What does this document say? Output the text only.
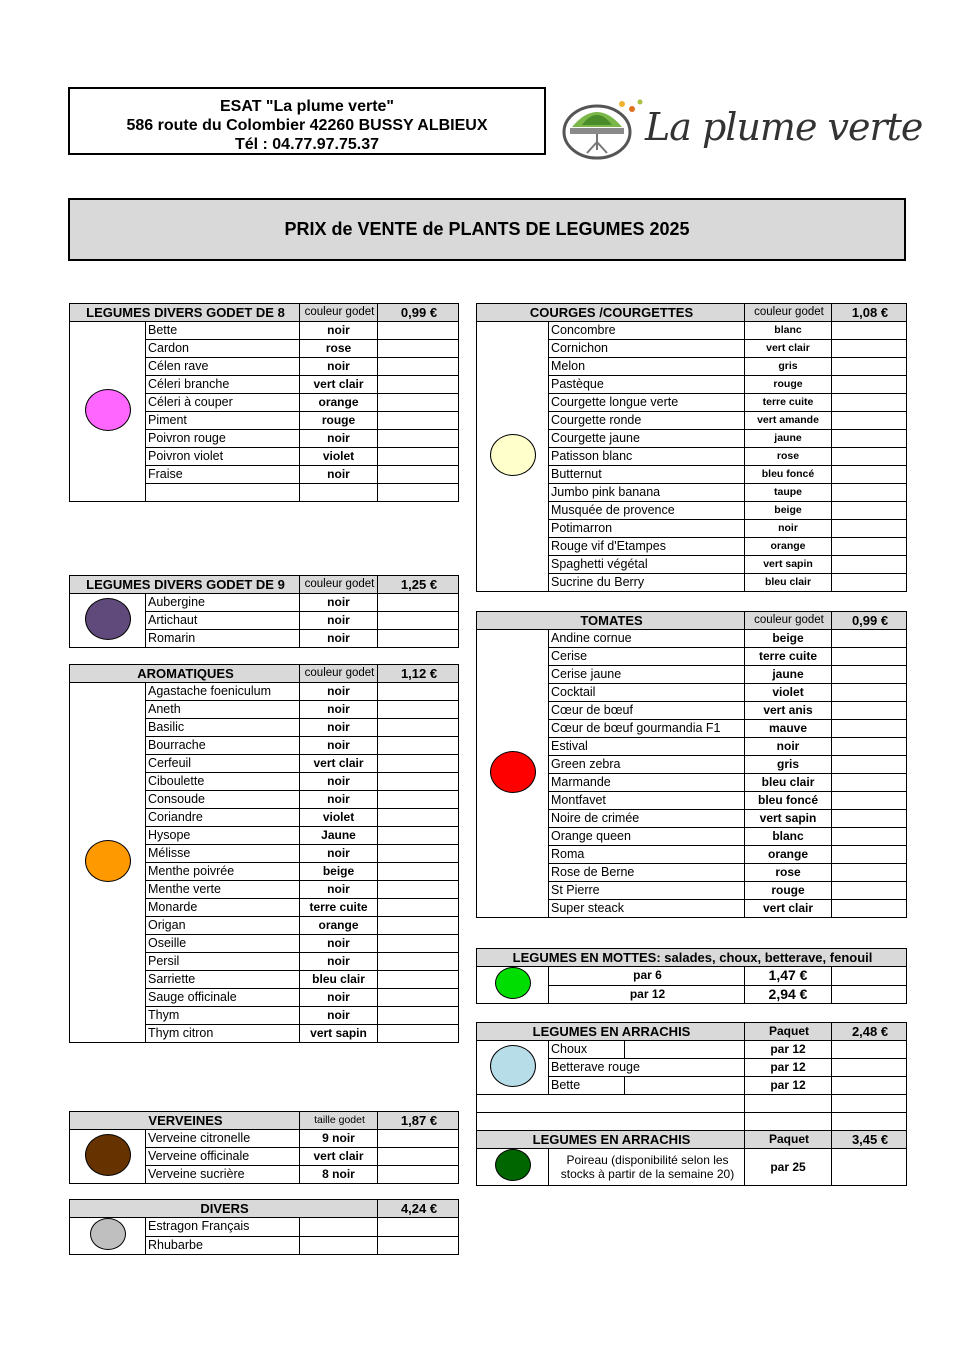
ESAT "La plume verte"
586 route du Colombier 42260 BUSSY ALBIEUX
Tél : 04.77.97.75.37	La plume verte
PRIX de VENTE de PLANTS DE LEGUMES 2025
LEGUMES DIVERS GODET DE 8		couleur godet	0,99 €
	Bette	noir	
	Cardon	rose	
	Célen rave	noir	
	Céleri branche	vert clair	
	Céleri à couper	orange	
	Piment	rouge	
	Poivron rouge	noir	
	Poivron violet	violet	
	Fraise	noir	

LEGUMES DIVERS GODET DE 9		couleur godet	1,25 €
	Aubergine	noir	
	Artichaut	noir	
	Romarin	noir	
AROMATIQUES		couleur godet	1,12 €
	Agastache foeniculum	noir	
	Aneth	noir	
	Basilic	noir	
	Bourrache	noir	
	Cerfeuil	vert clair	
	Ciboulette	noir	
	Consoude	noir	
	Coriandre	violet	
	Hysope	Jaune	
	Mélisse	noir	
	Menthe poivrée	beige	
	Menthe verte	noir	
	Monarde	terre cuite	
	Origan	orange	
	Oseille	noir	
	Persil	noir	
	Sarriette	bleu clair	
	Sauge officinale	noir	
	Thym	noir	
	Thym citron	vert sapin	
VERVEINES		taille godet	1,87 €
	Verveine citronelle	9 noir	
	Verveine officinale	vert clair	
	Verveine sucrière	8 noir	
DIVERS			4,24 €
	Estragon Français		
	Rhubarbe		
COURGES /COURGETTES		couleur godet	1,08 €
	Concombre	blanc	
	Cornichon	vert clair	
	Melon	gris	
	Pastèque	rouge	
	Courgette longue verte	terre cuite	
	Courgette ronde	vert amande	
	Courgette jaune	jaune	
	Patisson blanc	rose	
	Butternut	bleu foncé	
	Jumbo pink banana	taupe	
	Musquée de provence	beige	
	Potimarron	noir	
	Rouge vif d'Etampes	orange	
	Spaghetti végétal	vert sapin	
	Sucrine du Berry	bleu clair	
TOMATES		couleur godet	0,99 €
	Andine cornue	beige	
	Cerise	terre cuite	
	Cerise jaune	jaune	
	Cocktail	violet	
	Cœur de bœuf	vert anis	
	Cœur de bœuf gourmandia F1	mauve	
	Estival	noir	
	Green zebra	gris	
	Marmande	bleu clair	
	Montfavet	bleu foncé	
	Noire de crimée	vert sapin	
	Orange queen	blanc	
	Roma	orange	
	Rose de Berne	rose	
	St Pierre	rouge	
	Super steack	vert clair	
LEGUMES EN MOTTES: salades, choux, betterave, fenouil			
	par 6	1,47 €	
	par 12	2,94 €	
LEGUMES EN ARRACHIS			Paquet	2,48 €
	Choux		par 12	
	Betterave rouge		par 12	
	Bette		par 12	

LEGUMES EN ARRACHIS		Paquet	3,45 €
	Poireau (disponibilité selon les stocks à partir de la semaine 20)	par 25	
